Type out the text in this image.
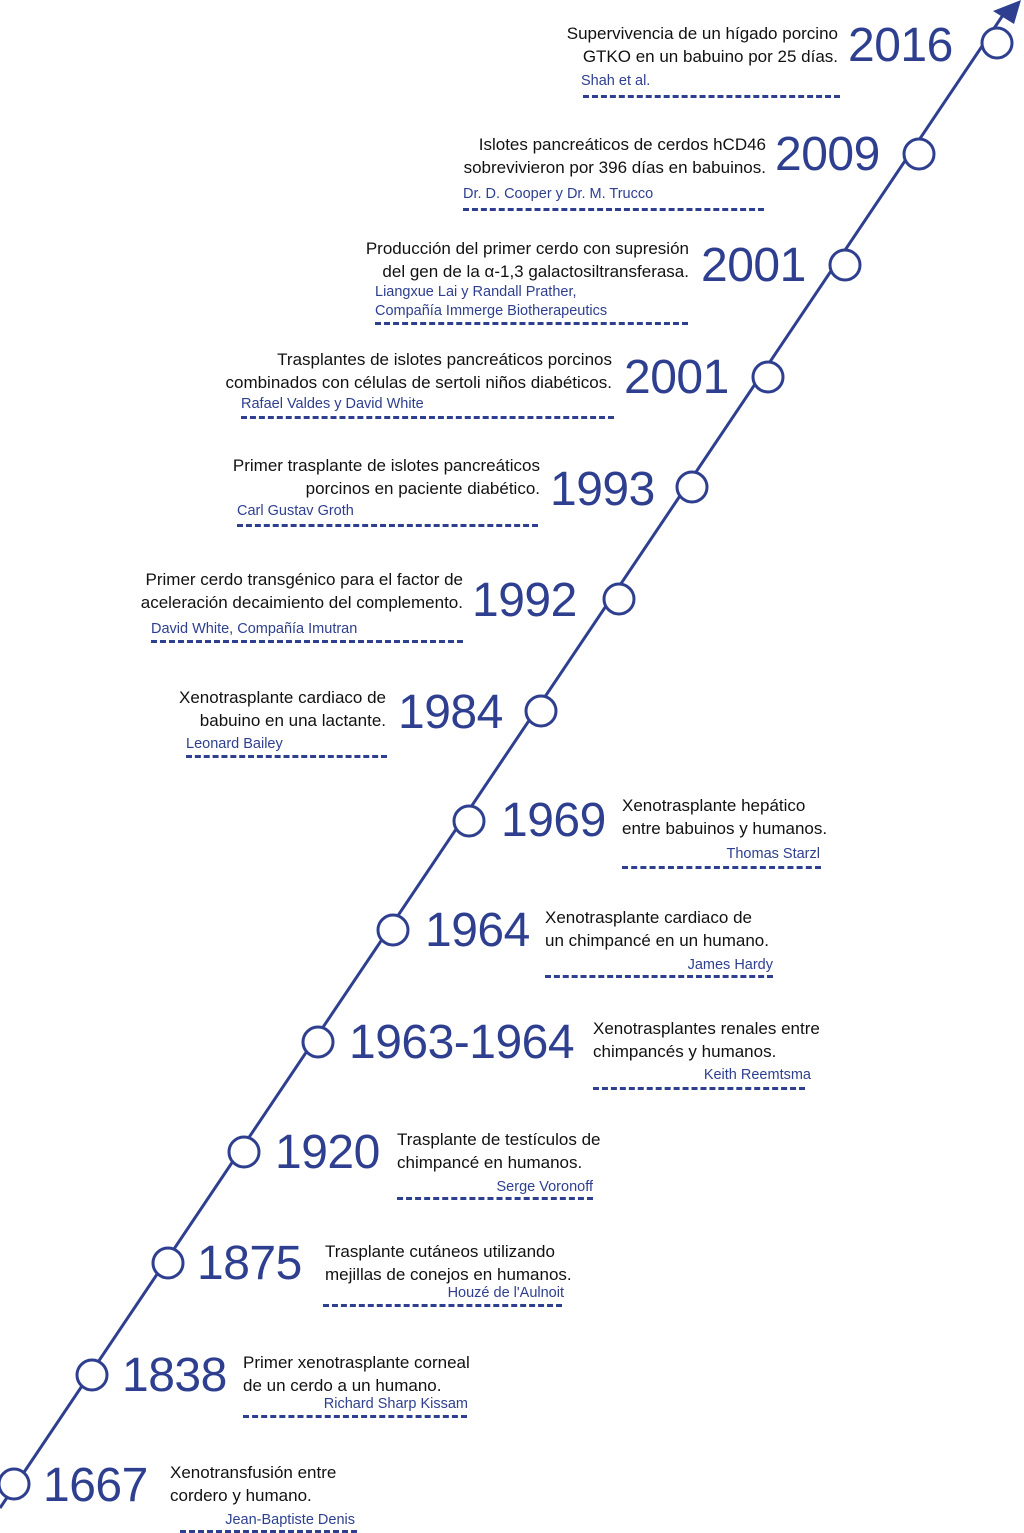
2016
Supervivencia de un hígado porcino
GTKO en un babuino por 25 días.
Shah et al.
2009
Islotes pancreáticos de cerdos hCD46
sobrevivieron por 396 días en babuinos.
Dr. D. Cooper y Dr. M. Trucco
2001
Producción del primer cerdo con supresión
del gen de la α-1,3 galactosiltransferasa.
Liangxue Lai y Randall Prather,
Compañía Immerge Biotherapeutics
2001
Trasplantes de islotes pancreáticos porcinos
combinados con células de sertoli niños diabéticos.
Rafael Valdes y David White
1993
Primer trasplante de islotes pancreáticos
porcinos en paciente diabético.
Carl Gustav Groth
1992
Primer cerdo transgénico para el factor de
aceleración decaimiento del complemento.
David White, Compañía Imutran
1984
Xenotrasplante cardiaco de
babuino en una lactante.
Leonard Bailey
1969 Xenotrasplante hepático
entre babuinos y humanos.
Thomas Starzl
1964 Xenotrasplante cardiaco de
un chimpancé en un humano.
James Hardy
1963-1964 Xenotrasplantes renales entre
chimpancés y humanos.
Keith Reemtsma
1920 Trasplante de testículos de
chimpancé en humanos.
Serge Voronoff
1875 Trasplante cutáneos utilizando
mejillas de conejos en humanos.
Houzé de l'Aulnoit
1838 Primer xenotrasplante corneal
de un cerdo a un humano.
Richard Sharp Kissam
1667 Xenotransfusión entre
cordero y humano.
Jean-Baptiste Denis
